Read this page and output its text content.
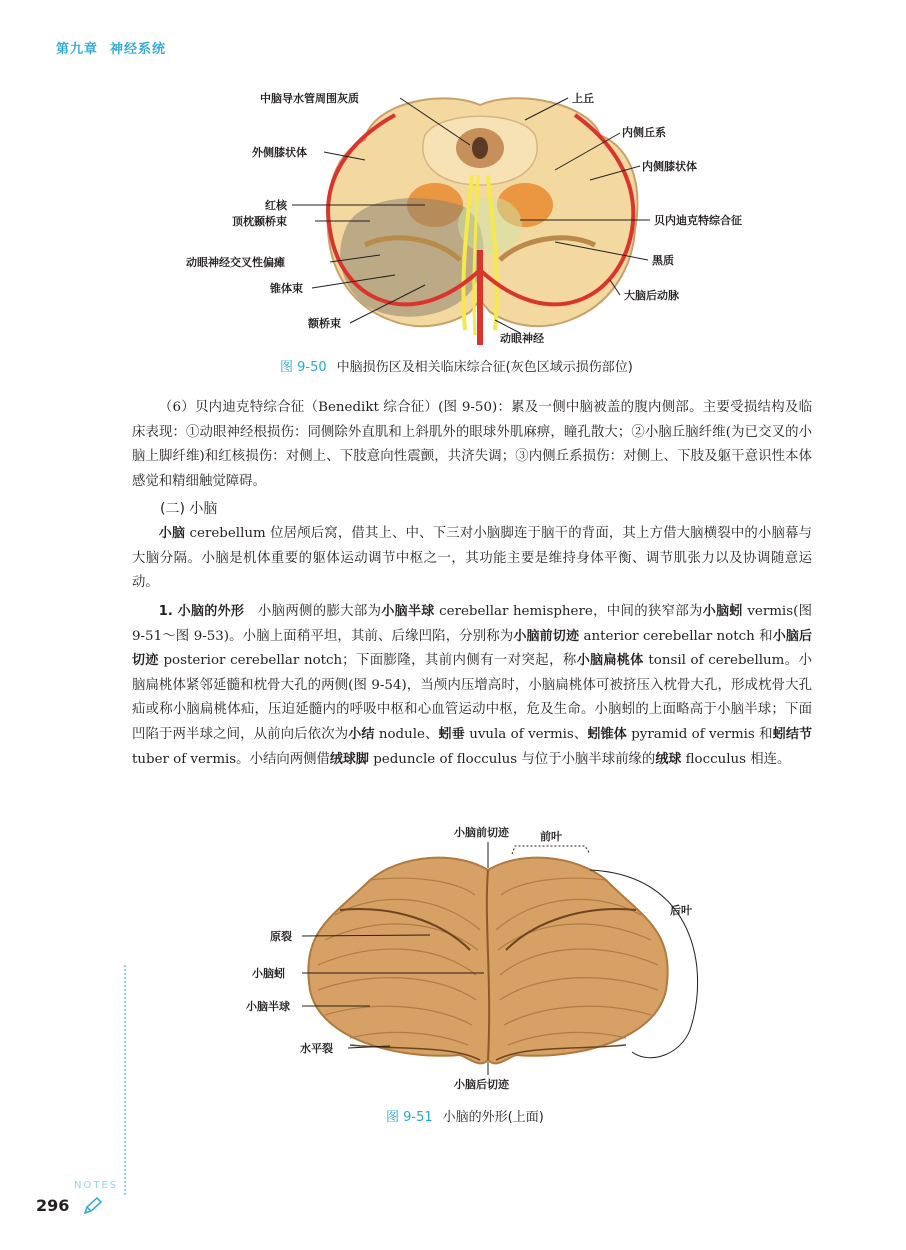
第九章 神经系统
中脑导水管周围灰质
外侧膝状体
红核
顶枕颞桥束
动眼神经交叉性偏瘫
锥体束
额桥束
上丘
内侧丘系
内侧膝状体
贝内迪克特综合征
黑质
大脑后动脉
动眼神经
图 9-50 中脑损伤区及相关临床综合征(灰色区域示损伤部位)
（6）贝内迪克特综合征（Benedikt 综合征）(图 9-50)：累及一侧中脑被盖的腹内侧部。主要受损结构及临床表现：①动眼神经根损伤：同侧除外直肌和上斜肌外的眼球外肌麻痹，瞳孔散大；②小脑丘脑纤维(为已交叉的小脑上脚纤维)和红核损伤：对侧上、下肢意向性震颤，共济失调；③内侧丘系损伤：对侧上、下肢及躯干意识性本体感觉和精细触觉障碍。
(二) 小脑
小脑 cerebellum 位居颅后窝，借其上、中、下三对小脑脚连于脑干的背面，其上方借大脑横裂中的小脑幕与大脑分隔。小脑是机体重要的躯体运动调节中枢之一，其功能主要是维持身体平衡、调节肌张力以及协调随意运动。
1. 小脑的外形　小脑两侧的膨大部为小脑半球 cerebellar hemisphere，中间的狭窄部为小脑蚓 vermis(图 9-51～图 9-53)。小脑上面稍平坦，其前、后缘凹陷，分别称为小脑前切迹 anterior cerebellar notch 和小脑后切迹 posterior cerebellar notch；下面膨隆，其前内侧有一对突起，称小脑扁桃体 tonsil of cerebellum。小脑扁桃体紧邻延髓和枕骨大孔的两侧(图 9-54)，当颅内压增高时，小脑扁桃体可被挤压入枕骨大孔，形成枕骨大孔疝或称小脑扁桃体疝，压迫延髓内的呼吸中枢和心血管运动中枢，危及生命。小脑蚓的上面略高于小脑半球；下面凹陷于两半球之间，从前向后依次为小结 nodule、蚓垂 uvula of vermis、蚓锥体 pyramid of vermis 和蚓结节 tuber of vermis。小结向两侧借绒球脚 peduncle of flocculus 与位于小脑半球前缘的绒球 flocculus 相连。
小脑前切迹	前叶
后叶
原裂
小脑蚓
小脑半球
水平裂
小脑后切迹
图 9-51 小脑的外形(上面)
NOTES
296
